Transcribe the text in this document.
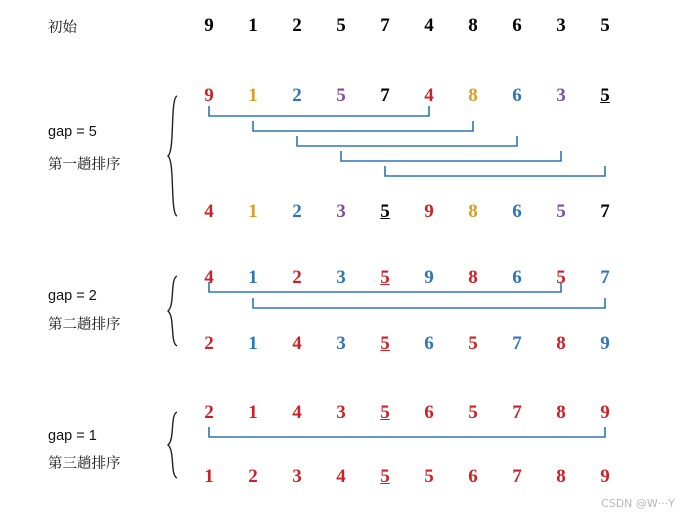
CSDN @W···Y
初始	9	1	2	5	7	4	8	6	3	5
9	1	2	5	7	4	8	6	3	5
4	1	2	3	5	9	8	6	5	7
gap = 5
第一趟排序
4	1	2	3	5	9	8	6	5	7
2	1	4	3	5	6	5	7	8	9
gap = 2
第二趟排序
2	1	4	3	5	6	5	7	8	9
1	2	3	4	5	5	6	7	8	9
gap = 1
第三趟排序
